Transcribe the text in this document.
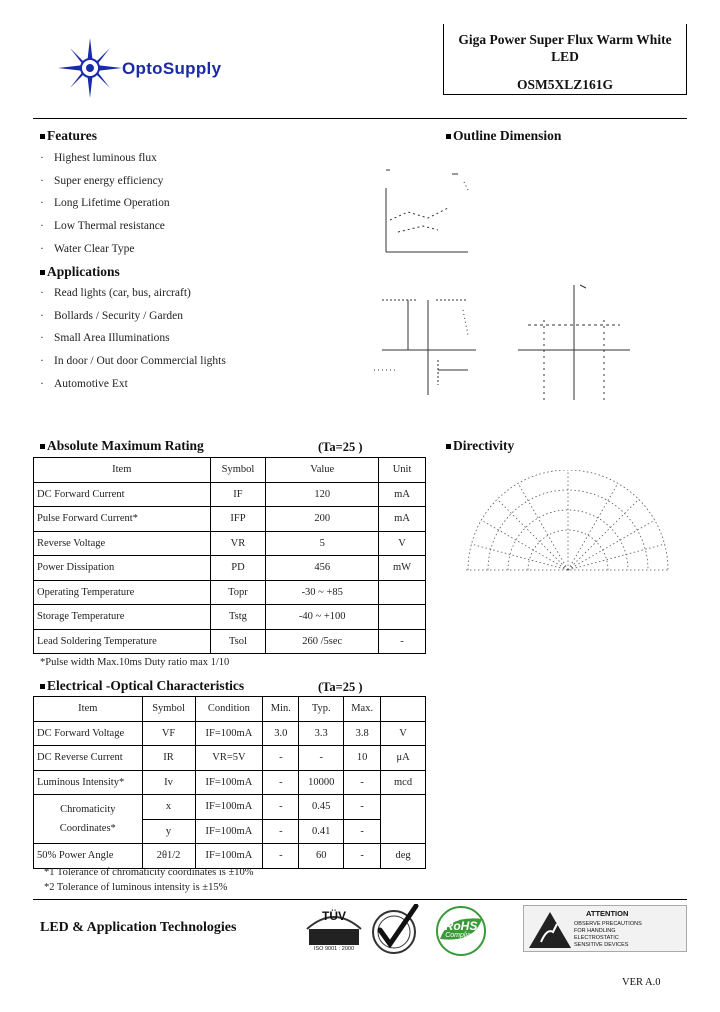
OptoSupply
Giga Power Super Flux Warm White
LED
OSM5XLZ161G
Features
· Highest luminous flux
· Super energy efficiency
· Long Lifetime Operation
· Low Thermal resistance
· Water Clear Type
Applications
· Read lights (car, bus, aircraft)
· Bollards / Security / Garden
· Small Area Illuminations
· In door / Out door Commercial lights
· Automotive Ext
Outline Dimension
Absolute Maximum Rating	(Ta=25 )
Item	Symbol	Value	Unit
DC Forward Current	IF	120	mA
Pulse Forward Current*	IFP	200	mA
Reverse Voltage	VR	5	V
Power Dissipation	PD	456	mW
Operating Temperature	Topr	-30 ~ +85	
Storage Temperature	Tstg	-40 ~ +100	
Lead Soldering Temperature	Tsol	260 /5sec	-
*Pulse width Max.10ms Duty ratio max 1/10
Directivity
Electrical -Optical Characteristics	(Ta=25 )
Item	Symbol	Condition	Min.	Typ.	Max.	
DC Forward Voltage	VF	IF=100mA	3.0	3.3	3.8	V
DC Reverse Current	IR	VR=5V	-	-	10	μA
Luminous Intensity*	Iv	IF=100mA	-	10000	-	mcd
Chromaticity
Coordinates*	x	IF=100mA	-	0.45	-	
	y	IF=100mA	-	0.41	-	
50% Power Angle	2θ1/2	IF=100mA	-	60	-	deg
*1 Tolerance of chromaticity coordinates is ±10%
*2 Tolerance of luminous intensity is ±15%
LED & Application Technologies
TÜV
ISO 9001 : 2000
RoHS
Compliant
ATTENTION
OBSERVE PRECAUTIONS
FOR HANDLING
ELECTROSTATIC
SENSITIVE DEVICES
VER A.0
